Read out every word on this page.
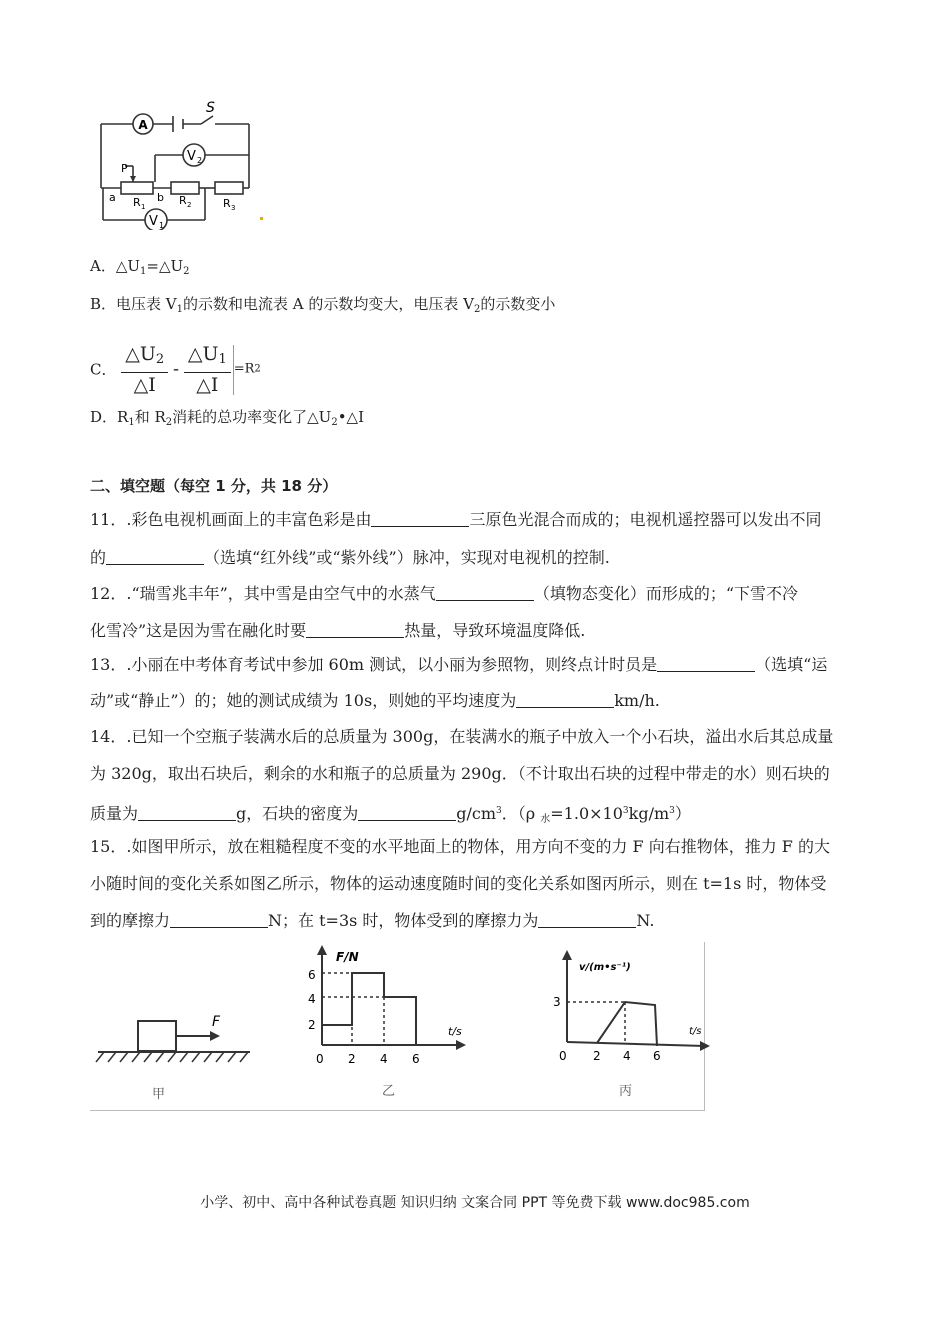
A
S
V 2
V 1
P
a	b
R 1	R 2	R 3
A．$\triangle U_1=\triangle U_2$
B．电压表 $V_1$的示数和电流表 A 的示数均变大，电压表 $V_2$的示数变小
C． $\frac{\triangle U_2}{\triangle I} - \frac{\triangle U_1}{\triangle I} =R2$
D．$R_1$和 $R_2$消耗的总功率变化了$\triangle U_2•\triangle I$
二、填空题（每空 1 分，共 18 分）
11．.彩色电视机画面上的丰富色彩是由	三原色光混合而成的；电视机遥控器可以发出不同
的	（选填“红外线”或“紫外线”）脉冲，实现对电视机的控制.
12．.“瑞雪兆丰年”，其中雪是由空气中的水蒸气	（填物态变化）而形成的；“下雪不冷
化雪冷”这是因为雪在融化时要	热量，导致环境温度降低.
13．.小丽在中考体育考试中参加 60m 测试，以小丽为参照物，则终点计时员是	（选填“运
动”或“静止”）的；她的测试成绩为 10s，则她的平均速度为	km/h.
14．.已知一个空瓶子装满水后的总质量为 300g，在装满水的瓶子中放入一个小石块，溢出水后其总成量
为 320g，取出石块后，剩余的水和瓶子的总质量为 290g．（不计取出石块的过程中带走的水）则石块的
质量为	g，石块的密度为	$g/cm^3$．（ρ $_水=1.0\times 10^3kg/m^3$）
15．.如图甲所示，放在粗糙程度不变的水平地面上的物体，用方向不变的力 F 向右推物体，推力 F 的大
小随时间的变化关系如图乙所示，物体的运动速度随时间的变化关系如图丙所示，则在 t=1s 时，物体受
到的摩擦力	N；在 t=3s 时，物体受到的摩擦力为	N.
F
甲
F/N
t/s
6
4
2
0 2 4 6
乙
v/(m•s⁻¹)
t/s
3
0 2 4 6
丙
小学、初中、高中各种试卷真题 知识归纳 文案合同 PPT 等免费下载 www.doc985.com
